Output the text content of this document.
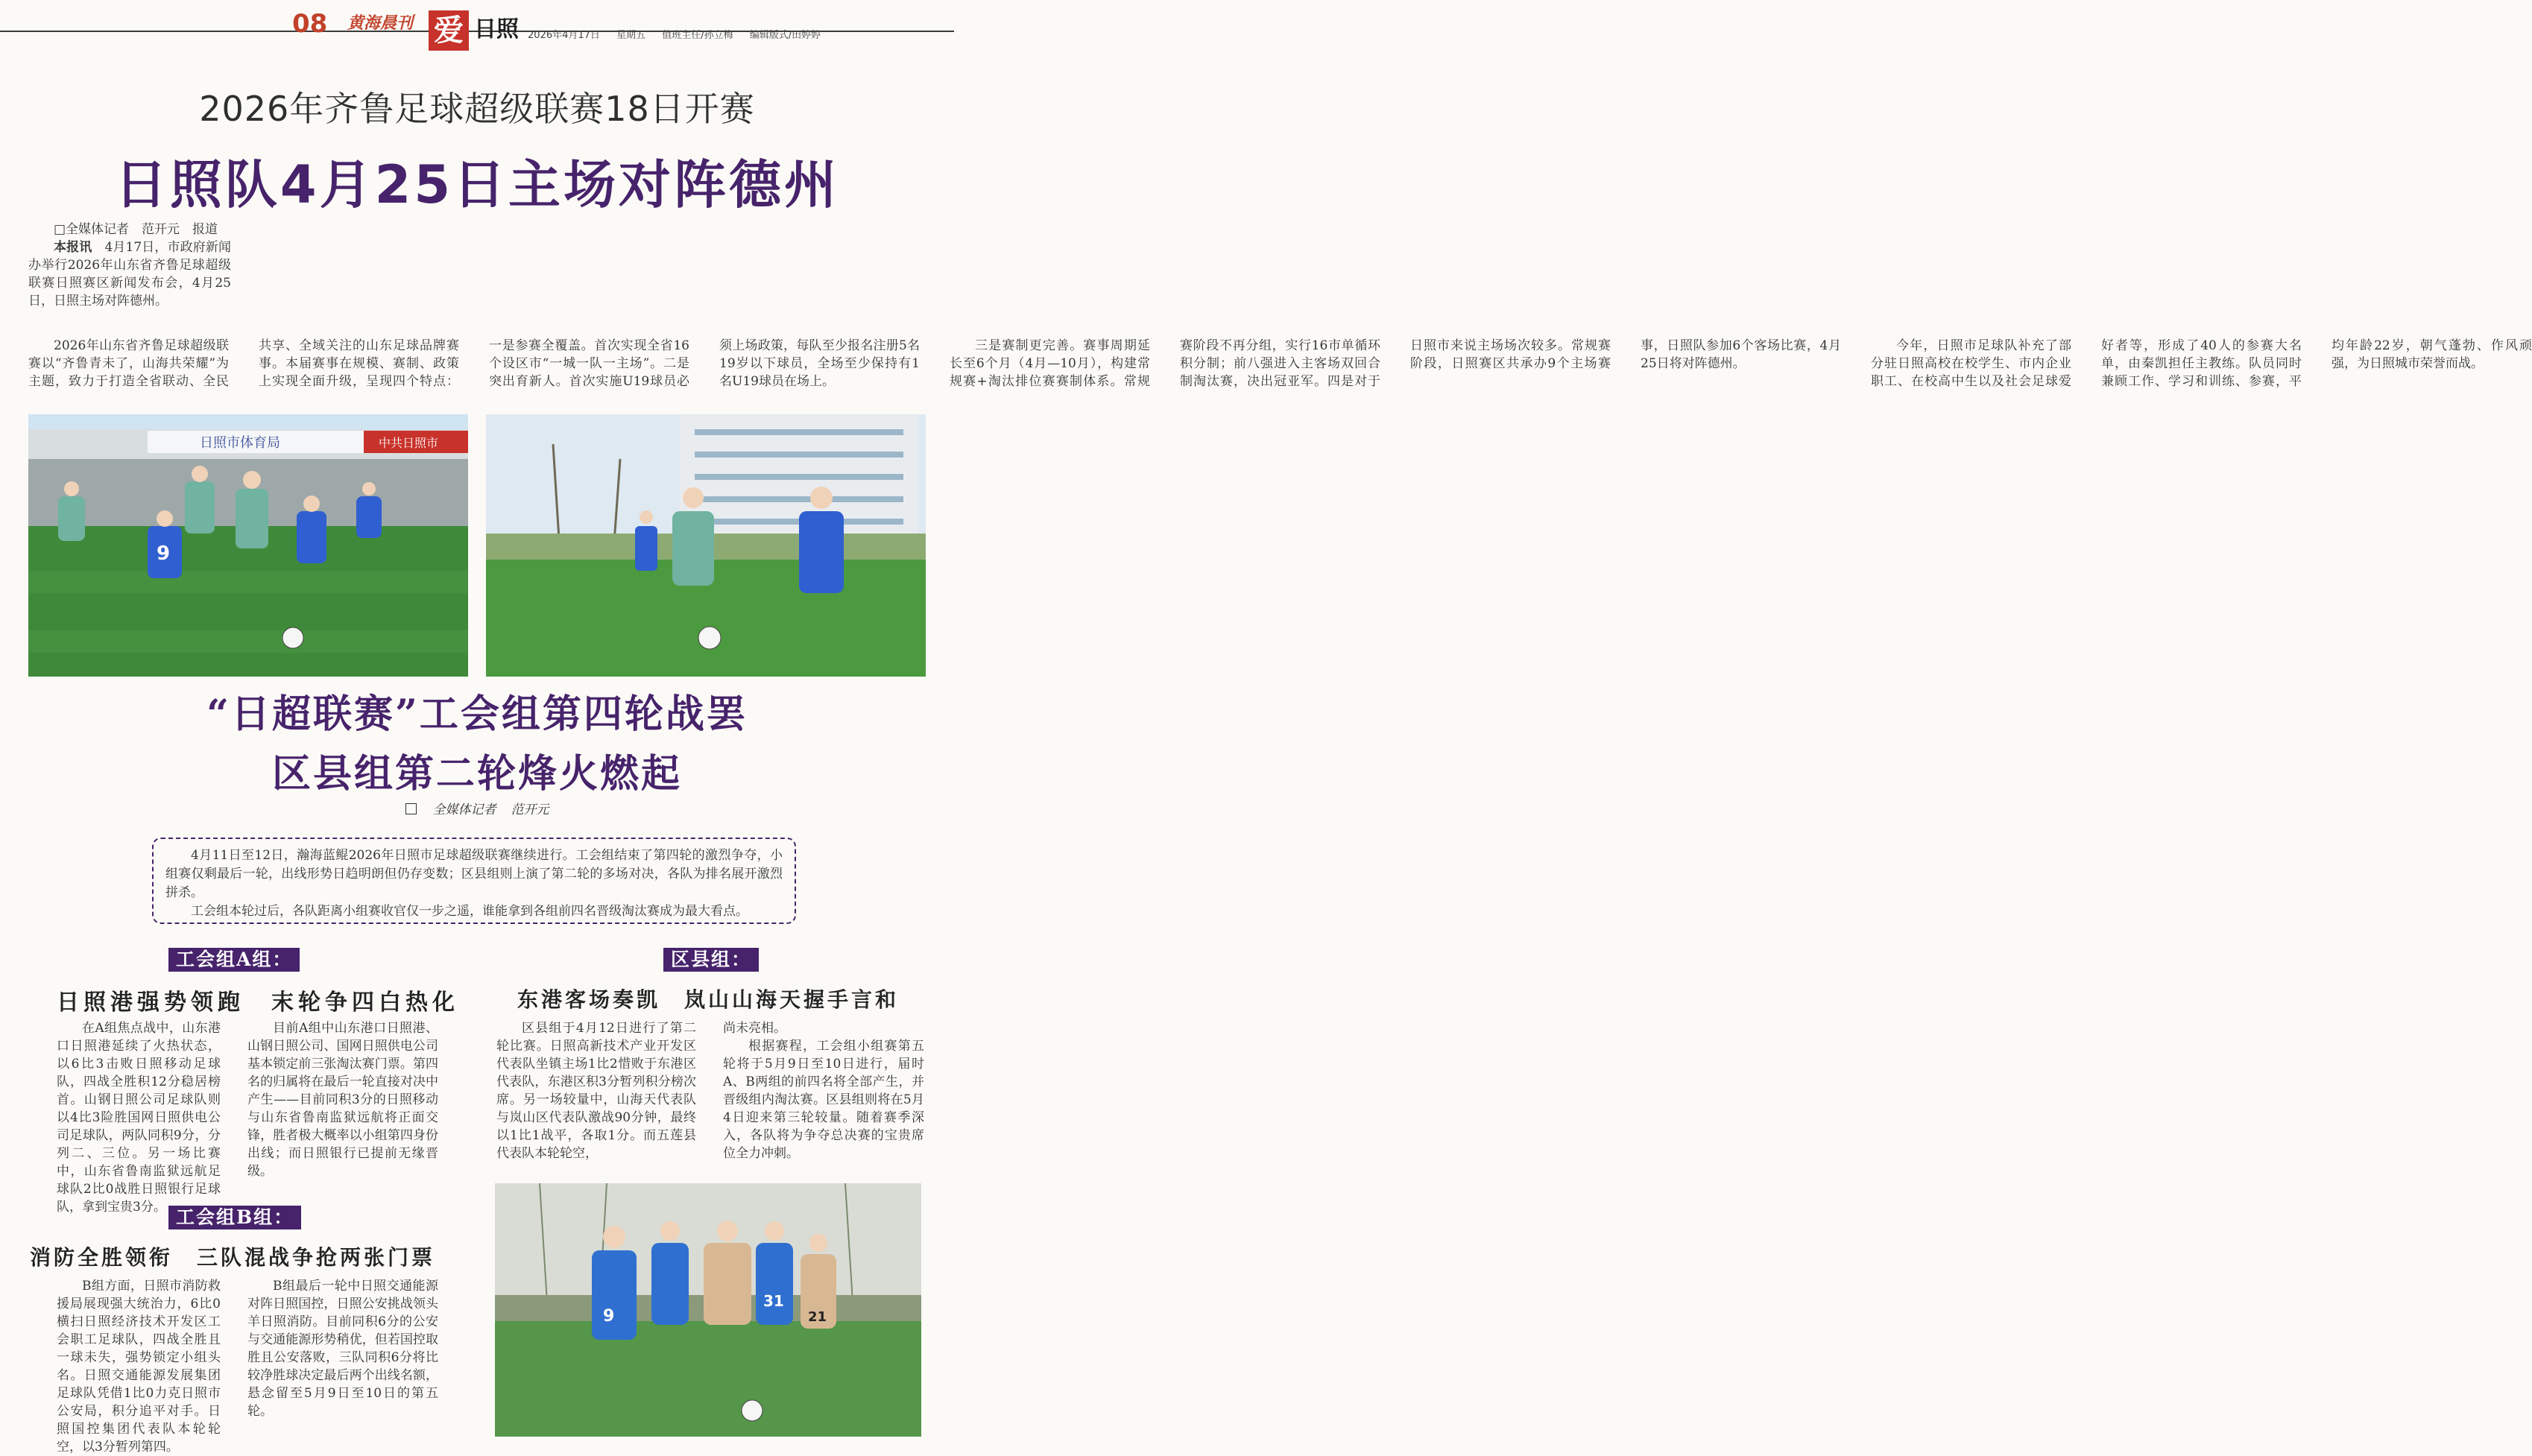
08 黄海晨刊 爱 日照 2026年4月17日 星期五 值班主任/孙立梅 编辑版式/田婷婷
2026年齐鲁足球超级联赛18日开赛
日照队4月25日主场对阵德州

□全媒体记者　范开元　报道

本报讯　 4月17日，市政府新闻办举行2026年山东省齐鲁足球超级联赛日照赛区新闻发布会，4月25日，日照主场对阵德州。

2026年山东省齐鲁足球超级联赛以“齐鲁青未了，山海共荣耀”为主题，致力于打造全省联动、全民共享、全域关注的山东足球品牌赛事。本届赛事在规模、赛制、政策上实现全面升级，呈现四个特点：一是参赛全覆盖。首次实现全省16个设区市“一城一队一主场”。二是突出育新人。首次实施U19球员必须上场政策，每队至少报名注册5名19岁以下球员，全场至少保持有1名U19球员在场上。

三是赛制更完善。赛事周期延长至6个月（4月—10月），构建常规赛+淘汰排位赛赛制体系。常规赛阶段不再分组，实行16市单循环积分制；前八强进入主客场双回合制淘汰赛，决出冠亚军。四是对于日照市来说主场场次较多。常规赛阶段，日照赛区共承办9个主场赛事，日照队参加6个客场比赛，4月25日将对阵德州。

今年，日照市足球队补充了部分驻日照高校在校学生、市内企业职工、在校高中生以及社会足球爱好者等，形成了40人的参赛大名单，由秦凯担任主教练。队员同时兼顾工作、学习和训练、参赛，平均年龄22岁，朝气蓬勃、作风顽强，为日照城市荣誉而战。

日照市体育局	中共日照市
9
“日超联赛”工会组第四轮战罢
区县组第二轮烽火燃起
全媒体记者 范开元

4月11日至12日，瀚海蓝鲲2026年日照市足球超级联赛继续进行。工会组结束了第四轮的激烈争夺，小组赛仅剩最后一轮，出线形势日趋明朗但仍存变数；区县组则上演了第二轮的多场对决，各队为排名展开激烈拼杀。

工会组本轮过后，各队距离小组赛收官仅一步之遥，谁能拿到各组前四名晋级淘汰赛成为最大看点。

工会组A组：
日照港强势领跑　末轮争四白热化

在A组焦点战中，山东港口日照港延续了火热状态，以6比3击败日照移动足球队，四战全胜积12分稳居榜首。山钢日照公司足球队则以4比3险胜国网日照供电公司足球队，两队同积9分，分列二、三位。另一场比赛中，山东省鲁南监狱远航足球队2比0战胜日照银行足球队，拿到宝贵3分。

目前A组中山东港口日照港、山钢日照公司、国网日照供电公司基本锁定前三张淘汰赛门票。第四名的归属将在最后一轮直接对决中产生——目前同积3分的日照移动与山东省鲁南监狱远航将正面交锋，胜者极大概率以小组第四身份出线；而日照银行已提前无缘晋级。

工会组B组：
消防全胜领衔　三队混战争抢两张门票

B组方面，日照市消防救援局展现强大统治力，6比0横扫日照经济技术开发区工会职工足球队，四战全胜且一球未失，强势锁定小组头名。日照交通能源发展集团足球队凭借1比0力克日照市公安局，积分追平对手。日照国控集团代表队本轮轮空，以3分暂列第四。

B组最后一轮中日照交通能源对阵日照国控，日照公安挑战领头羊日照消防。目前同积6分的公安与交通能源形势稍优，但若国控取胜且公安落败，三队同积6分将比较净胜球决定最后两个出线名额，悬念留至5月9日至10日的第五轮。

区县组：
东港客场奏凯　岚山山海天握手言和

区县组于4月12日进行了第二轮比赛。日照高新技术产业开发区代表队坐镇主场1比2惜败于东港区代表队，东港区积3分暂列积分榜次席。另一场较量中，山海天代表队与岚山区代表队激战90分钟，最终以1比1战平，各取1分。而五莲县代表队本轮轮空，

尚未亮相。

根据赛程，工会组小组赛第五轮将于5月9日至10日进行，届时A、B两组的前四名将全部产生，并晋级组内淘汰赛。区县组则将在5月4日迎来第三轮较量。随着赛季深入，各队将为争夺总决赛的宝贵席位全力冲刺。

9
31
21
